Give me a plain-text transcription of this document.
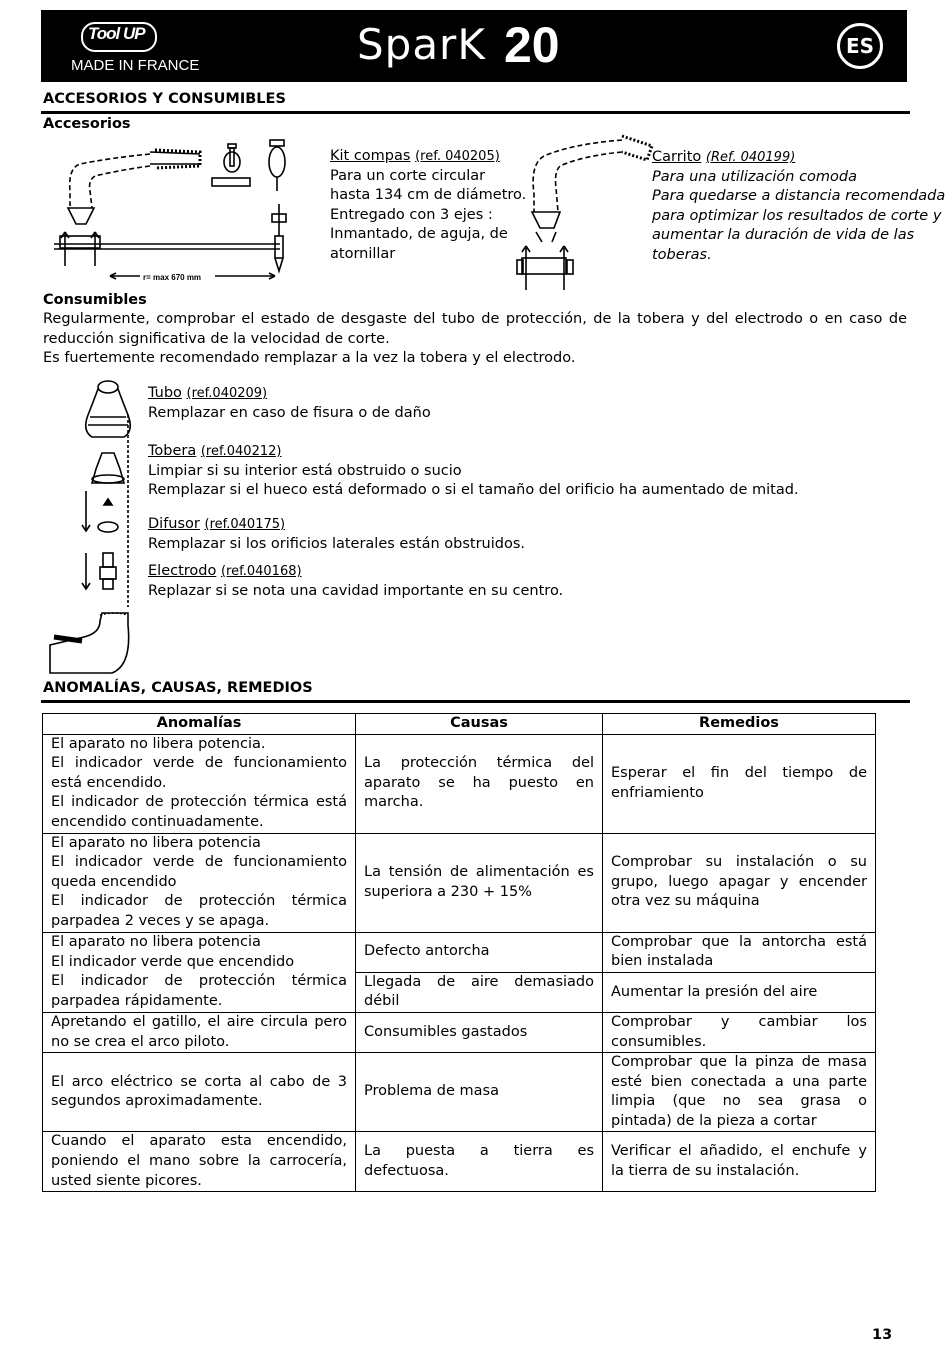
Tool UP
MADE IN FRANCE	SparK 20	ES
ACCESORIOS Y CONSUMIBLES
Accesorios
r= max 670 mm
Kit compas (ref. 040205)
Para un corte circular
hasta 134 cm de diámetro.
Entregado con 3 ejes :
Inmantado, de aguja, de
atornillar
Carrito (Ref. 040199)
Para una utilización comoda
Para quedarse a distancia recomendada
para optimizar los resultados de corte y
aumentar la duración de vida de las
toberas.
Consumibles
Regularmente, comprobar el estado de desgaste del tubo de protección, de la tobera y del electrodo o en caso de reducción significativa de la velocidad de corte.
Es fuertemente recomendado remplazar a la vez la tobera y el electrodo.
Tubo (ref.040209)
Remplazar en caso de fisura o de daño
Tobera (ref.040212)
Limpiar si su interior está obstruido o sucio
Remplazar si el hueco está deformado o si el tamaño del orificio ha aumentado de mitad.
Difusor (ref.040175)
Remplazar si los orificios laterales están obstruidos.
Electrodo (ref.040168)
Replazar si se nota una cavidad importante en su centro.
ANOMALÍAS, CAUSAS, REMEDIOS
Anomalías	Causas	Remedios
El aparato no libera potencia.
El indicador verde de funcionamiento está encendido.
El indicador de protección térmica está encendido continuadamente.	La protección térmica del aparato se ha puesto en marcha.	Esperar el fin del tiempo de enfriamiento
El aparato no libera potencia
El indicador verde de funcionamiento queda encendido
El indicador de protección térmica parpadea 2 veces y se apaga.	La tensión de alimentación es superiora a 230 + 15%	Comprobar su instalación o su grupo, luego apagar y encender otra vez su máquina
El aparato no libera potencia
El indicador verde que encendido
El indicador de protección térmica parpadea rápidamente.	Defecto antorcha	Comprobar que la antorcha está bien instalada
	Llegada de aire demasiado débil	Aumentar la presión del aire
Apretando el gatillo, el aire circula pero no se crea el arco piloto.	Consumibles gastados	Comprobar y cambiar los consumibles.
El arco eléctrico se corta al cabo de 3 segundos aproximadamente.	Problema de masa	Comprobar que la pinza de masa esté bien conectada a una parte limpia (que no sea grasa o pintada) de la pieza a cortar
Cuando el aparato esta encendido, poniendo el mano sobre la carrocería, usted siente picores.	La puesta a tierra es defectuosa.	Verificar el añadido, el enchufe y la tierra de su instalación.
13
